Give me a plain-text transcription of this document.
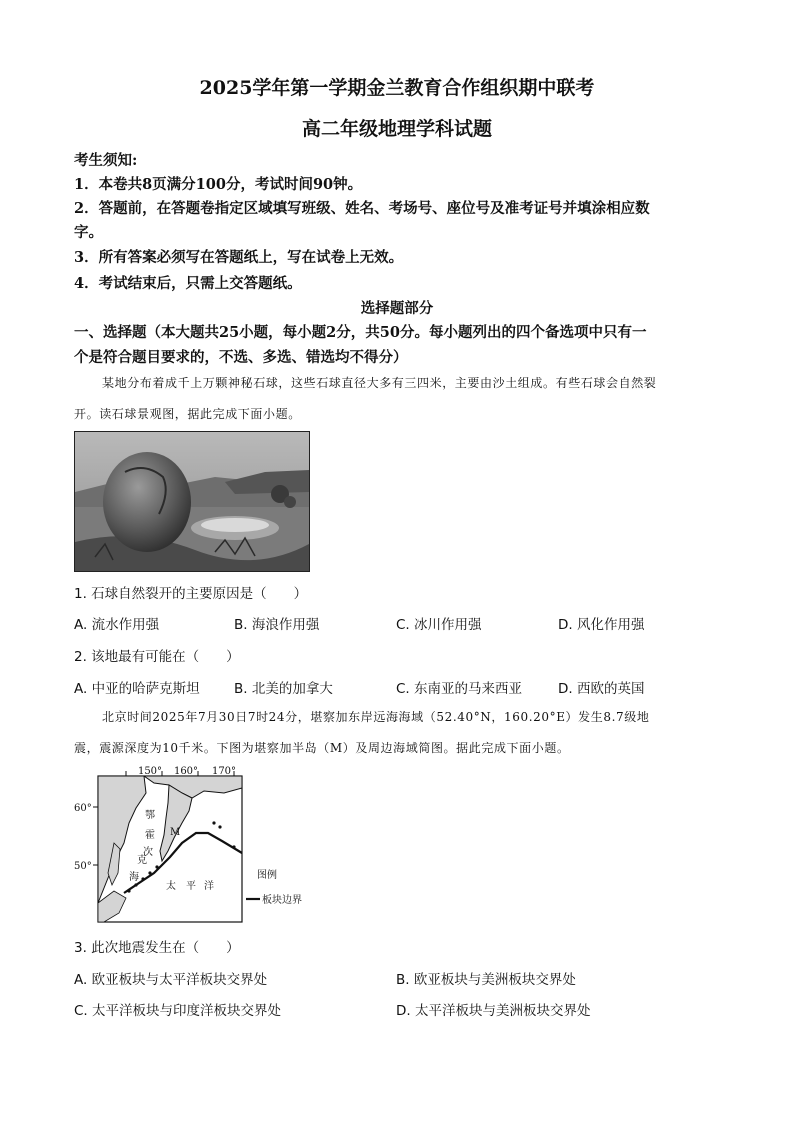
2025学年第一学期金兰教育合作组织期中联考
高二年级地理学科试题
考生须知:
1．本卷共8页满分100分，考试时间90钟。
2．答题前，在答题卷指定区域填写班级、姓名、考场号、座位号及准考证号并填涂相应数
字。
3．所有答案必须写在答题纸上，写在试卷上无效。
4．考试结束后，只需上交答题纸。
选择题部分
一、选择题（本大题共25小题，每小题2分，共50分。每小题列出的四个备选项中只有一
个是符合题目要求的，不选、多选、错选均不得分）
某地分布着成千上万颗神秘石球，这些石球直径大多有三四米，主要由沙土组成。有些石球会自然裂
开。读石球景观图，据此完成下面小题。
1. 石球自然裂开的主要原因是（　　）
A. 流水作用强	B. 海浪作用强	C. 冰川作用强	D. 风化作用强
2. 该地最有可能在（　　）
A. 中亚的哈萨克斯坦	B. 北美的加拿大	C. 东南亚的马来西亚	D. 西欧的英国
北京时间2025年7月30日7时24分，堪察加东岸远海海域（52.40°N，160.20°E）发生8.7级地
震，震源深度为10千米。下图为堪察加半岛（M）及周边海域简图。据此完成下面小题。
150° 160° 170°
60°
50°
鄂
霍
次
克
海
M
太 平 洋
图例
板块边界
3. 此次地震发生在（　　）
A. 欧亚板块与太平洋板块交界处	B. 欧亚板块与美洲板块交界处
C. 太平洋板块与印度洋板块交界处	D. 太平洋板块与美洲板块交界处
